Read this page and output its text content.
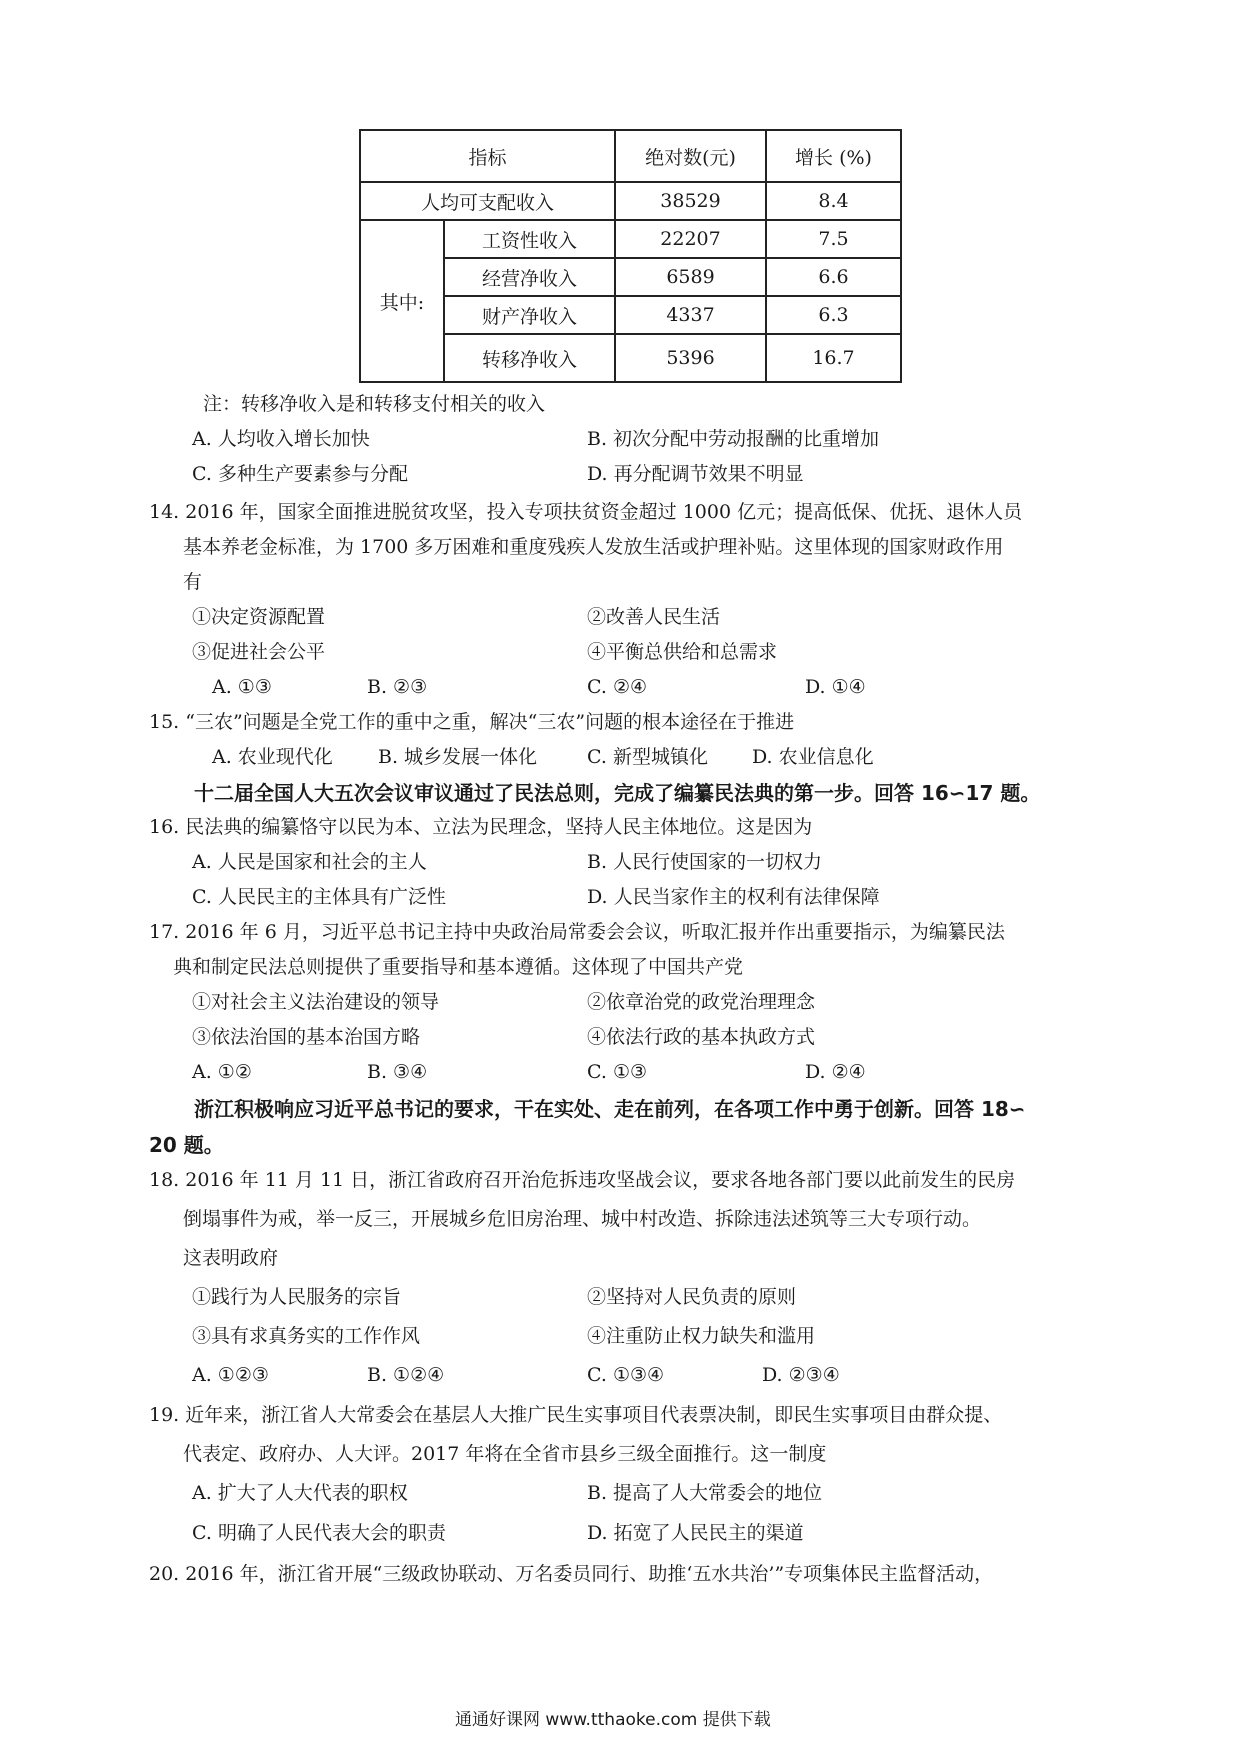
指标		绝对数(元)	增长 (%)
人均可支配收入		38529	8.4
其中:	工资性收入	22207	7.5
	经营净收入	6589	6.6
	财产净收入	4337	6.3
	转移净收入	5396	16.7
注：转移净收入是和转移支付相关的收入
A. 人均收入增长加快	B. 初次分配中劳动报酬的比重增加
C. 多种生产要素参与分配	D. 再分配调节效果不明显
14. 2016 年，国家全面推进脱贫攻坚，投入专项扶贫资金超过 1000 亿元；提高低保、优抚、退休人员
基本养老金标准，为 1700 多万困难和重度残疾人发放生活或护理补贴。这里体现的国家财政作用
有
①决定资源配置	②改善人民生活
③促进社会公平	④平衡总供给和总需求
A. ①③	B. ②③	C. ②④	D. ①④
15. “三农”问题是全党工作的重中之重，解决“三农”问题的根本途径在于推进
A. 农业现代化 B. 城乡发展一体化	C. 新型城镇化 D. 农业信息化
十二届全国人大五次会议审议通过了民法总则，完成了编纂民法典的第一步。回答 16∽17 题。
16. 民法典的编纂恪守以民为本、立法为民理念，坚持人民主体地位。这是因为
A. 人民是国家和社会的主人	B. 人民行使国家的一切权力
C. 人民民主的主体具有广泛性	D. 人民当家作主的权利有法律保障
17. 2016 年 6 月，习近平总书记主持中央政治局常委会会议，听取汇报并作出重要指示，为编纂民法
典和制定民法总则提供了重要指导和基本遵循。这体现了中国共产党
①对社会主义法治建设的领导	②依章治党的政党治理理念
③依法治国的基本治国方略	④依法行政的基本执政方式
A. ①②	B. ③④	C. ①③	D. ②④
浙江积极响应习近平总书记的要求，干在实处、走在前列，在各项工作中勇于创新。回答 18∽
20 题。
18. 2016 年 11 月 11 日，浙江省政府召开治危拆违攻坚战会议，要求各地各部门要以此前发生的民房
倒塌事件为戒，举一反三，开展城乡危旧房治理、城中村改造、拆除违法述筑等三大专项行动。
这表明政府
①践行为人民服务的宗旨	②坚持对人民负责的原则
③具有求真务实的工作作风	④注重防止权力缺失和滥用
A. ①②③	B. ①②④	C. ①③④	D. ②③④
19. 近年来，浙江省人大常委会在基层人大推广民生实事项目代表票决制，即民生实事项目由群众提、
代表定、政府办、人大评。2017 年将在全省市县乡三级全面推行。这一制度
A. 扩大了人大代表的职权	B. 提高了人大常委会的地位
C. 明确了人民代表大会的职责	D. 拓宽了人民民主的渠道
20. 2016 年，浙江省开展“三级政协联动、万名委员同行、助推‘五水共治’”专项集体民主监督活动，
通通好课网 www.tthaoke.com 提供下载
